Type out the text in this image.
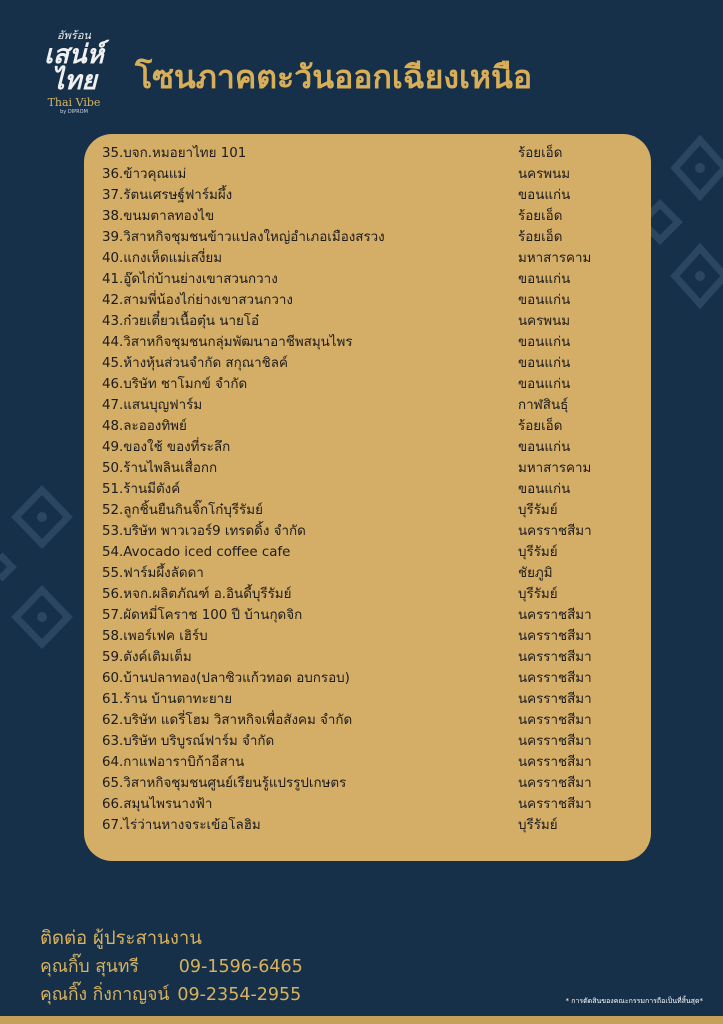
อัพร้อน
เสน่ห์
ไทย
Thai Vibe
by DIPROM
โซนภาคตะวันออกเฉียงเหนือ
35.บจก.หมอยาไทย 101	ร้อยเอ็ด
36.ข้าวคุณแม่	นครพนม
37.รัตนเศรษฐ์ฟาร์มผึ้ง	ขอนแก่น
38.ขนมตาลทองไข	ร้อยเอ็ด
39.วิสาหกิจชุมชนข้าวแปลงใหญ่อำเภอเมืองสรวง	ร้อยเอ็ด
40.แกงเห็ดแม่เสงี่ยม	มหาสารคาม
41.อู๊ดไก่บ้านย่างเขาสวนกวาง	ขอนแก่น
42.สามพี่น้องไก่ย่างเขาสวนกวาง	ขอนแก่น
43.ก๋วยเตี๋ยวเนื้อตุ๋น นายโอ๋	นครพนม
44.วิสาหกิจชุมชนกลุ่มพัฒนาอาชีพสมุนไพร	ขอนแก่น
45.ห้างหุ้นส่วนจำกัด สกุณาชิลค์	ขอนแก่น
46.บริษัท ชาโมกข์ จำกัด	ขอนแก่น
47.แสนบุญฟาร์ม	กาฬสินธุ์
48.ละอองทิพย์	ร้อยเอ็ด
49.ของใช้ ของที่ระลึก	ขอนแก่น
50.ร้านไพลินเสื่อกก	มหาสารคาม
51.ร้านมีตังค์	ขอนแก่น
52.ลูกชิ้นยืนกินจิ๊กโก๋บุรีรัมย์	บุรีรัมย์
53.บริษัท พาวเวอร์9 เทรดดิ้ง จำกัด	นครราชสีมา
54.Avocado iced coffee cafe	บุรีรัมย์
55.ฟาร์มผึ้งลัดดา	ชัยภูมิ
56.หจก.ผลิตภัณฑ์ อ.อินดี้บุรีรัมย์	บุรีรัมย์
57.ผัดหมี่โคราช 100 ปี บ้านกุดจิก	นครราชสีมา
58.เพอร์เฟค เฮิร์บ	นครราชสีมา
59.ตังค์เติมเต็ม	นครราชสีมา
60.บ้านปลาทอง(ปลาซิวแก้วทอด อบกรอบ)	นครราชสีมา
61.ร้าน บ้านตาทะยาย	นครราชสีมา
62.บริษัท แดรี่โฮม วิสาหกิจเพื่อสังคม จำกัด	นครราชสีมา
63.บริษัท บริบูรณ์ฟาร์ม จำกัด	นครราชสีมา
64.กาแฟอาราบิก้าอีสาน	นครราชสีมา
65.วิสาหกิจชุมชนศูนย์เรียนรู้แปรรูปเกษตร	นครราชสีมา
66.สมุนไพรนางฟ้า	นครราชสีมา
67.ไร่ว่านหางจระเข้อโลฮิม	บุรีรัมย์
ติดต่อ ผู้ประสานงาน
คุณกิ๊บ สุนทรี 09-1596-6465
คุณกิ๊ง กิ่งกาญจน์ 09-2354-2955	* การตัดสินของคณะกรรมการถือเป็นที่สิ้นสุด*
